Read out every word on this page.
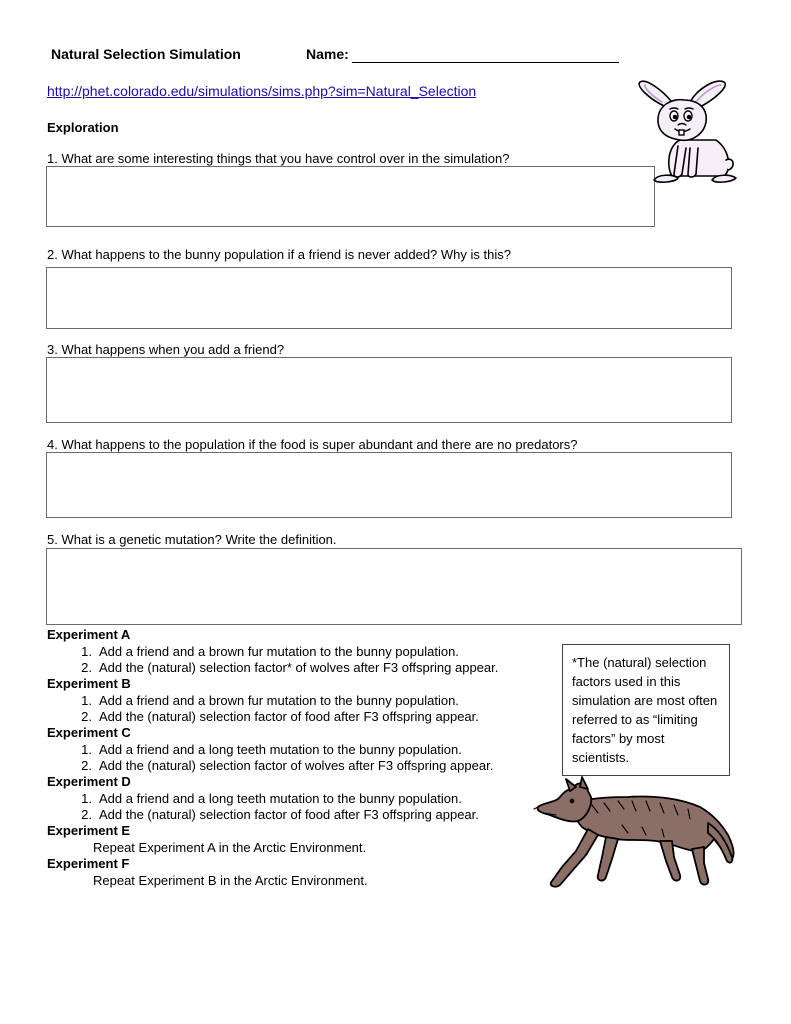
Natural Selection Simulation	Name:
http://phet.colorado.edu/simulations/sims.php?sim=Natural_Selection
Exploration
1. What are some interesting things that you have control over in the simulation?
2. What happens to the bunny population if a friend is never added? Why is this?
3. What happens when you add a friend?
4. What happens to the population if the food is super abundant and there are no predators?
5. What is a genetic mutation? Write the definition.
Experiment A
1. Add a friend and a brown fur mutation to the bunny population.
2. Add the (natural) selection factor* of wolves after F3 offspring appear.
Experiment B
1. Add a friend and a brown fur mutation to the bunny population.
2. Add the (natural) selection factor of food after F3 offspring appear.
Experiment C
1. Add a friend and a long teeth mutation to the bunny population.
2. Add the (natural) selection factor of wolves after F3 offspring appear.
Experiment D
1. Add a friend and a long teeth mutation to the bunny population.
2. Add the (natural) selection factor of food after F3 offspring appear.
Experiment E
Repeat Experiment A in the Arctic Environment.
Experiment F
Repeat Experiment B in the Arctic Environment.
*The (natural) selection factors used in this simulation are most often referred to as “limiting factors” by most scientists.
